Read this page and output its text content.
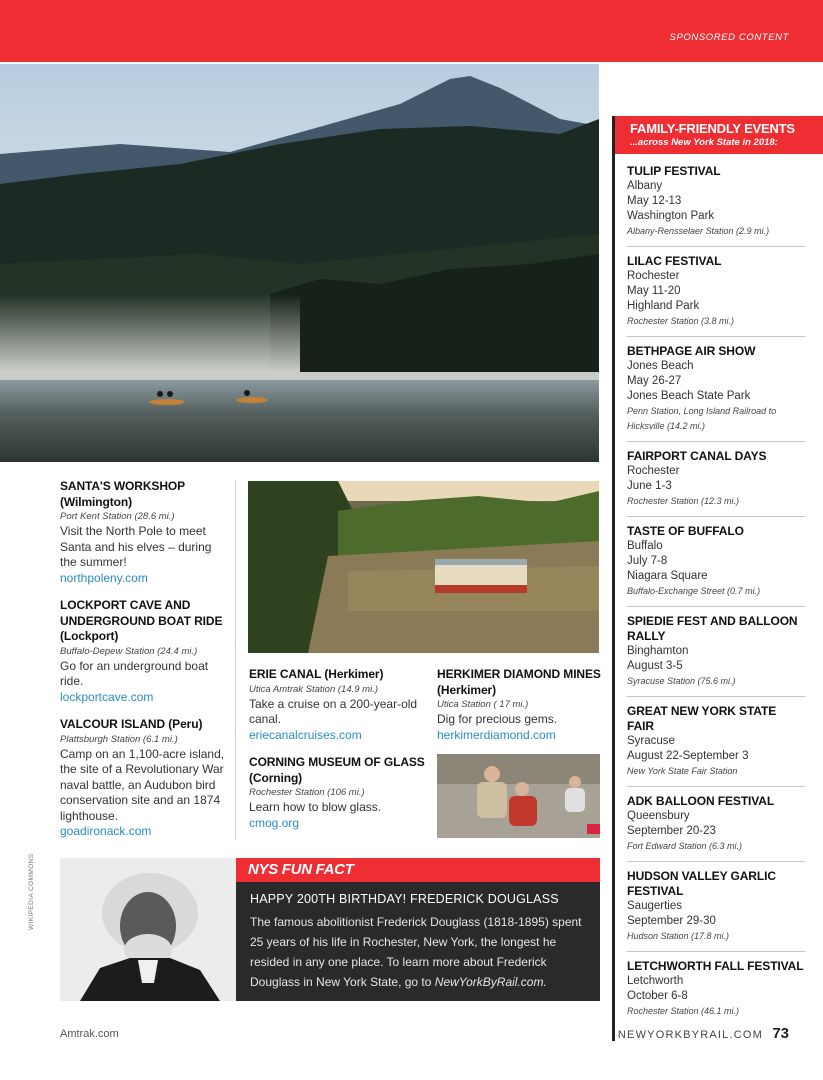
SPONSORED CONTENT
SANTA'S WORKSHOP (Wilmington)
Port Kent Station (28.6 mi.)
Visit the North Pole to meet Santa and his elves – during the summer!
northpoleny.com
LOCKPORT CAVE AND UNDERGROUND BOAT RIDE (Lockport)
Buffalo-Depew Station (24.4 mi.)
Go for an underground boat ride.
lockportcave.com
VALCOUR ISLAND (Peru)
Plattsburgh Station (6.1 mi.)
Camp on an 1,100-acre island, the site of a Revolutionary War naval battle, an Audubon bird conservation site and an 1874 lighthouse.
goadironack.com
ERIE CANAL (Herkimer)
Utica Amtrak Station (14.9 mi.)
Take a cruise on a 200-year-old canal.
eriecanalcruises.com
CORNING MUSEUM OF GLASS (Corning)
Rochester Station (106 mi.)
Learn how to blow glass.
cmog.org
HERKIMER DIAMOND MINES (Herkimer)
Utica Station ( 17 mi.)
Dig for precious gems.
herkimerdiamond.com
FAMILY-FRIENDLY EVENTS
...across New York State in 2018:
TULIP FESTIVAL
Albany
May 12-13
Washington Park
Albany-Rensselaer Station (2.9 mi.)
LILAC FESTIVAL
Rochester
May 11-20
Highland Park
Rochester Station (3.8 mi.)
BETHPAGE AIR SHOW
Jones Beach
May 26-27
Jones Beach State Park
Penn Station, Long Island Railroad to Hicksville (14.2 mi.)
FAIRPORT CANAL DAYS
Rochester
June 1-3
Rochester Station (12.3 mi.)
TASTE OF BUFFALO
Buffalo
July 7-8
Niagara Square
Buffalo-Exchange Street (0.7 mi.)
SPIEDIE FEST AND BALLOON RALLY
Binghamton
August 3-5
Syracuse Station (75.6 mi.)
GREAT NEW YORK STATE FAIR
Syracuse
August 22-September 3
New York State Fair Station
ADK BALLOON FESTIVAL
Queensbury
September 20-23
Fort Edward Station (6.3 mi.)
HUDSON VALLEY GARLIC FESTIVAL
Saugerties
September 29-30
Hudson Station (17.8 mi.)
LETCHWORTH FALL FESTIVAL
Letchworth
October 6-8
Rochester Station (46.1 mi.)
NYS FUN FACT
HAPPY 200TH BIRTHDAY! FREDERICK DOUGLASS
The famous abolitionist Frederick Douglass (1818-1895) spent 25 years of his life in Rochester, New York, the longest he resided in any one place. To learn more about Frederick Douglass in New York State, go to NewYorkByRail.com.
WIKIPEDIA COMMONS
Amtrak.com	NEWYORKBYRAIL.COM 73
